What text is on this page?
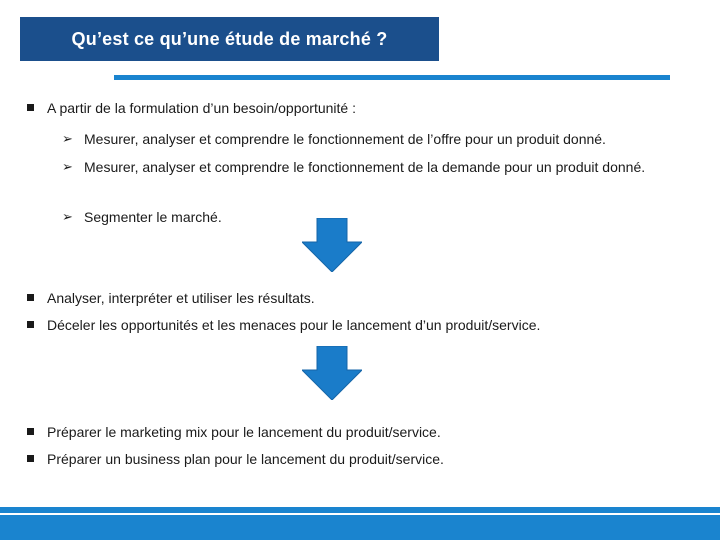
Qu’est ce qu’une étude de marché ?
A partir de la formulation d’un besoin/opportunité :
➢ Mesurer, analyser et comprendre le fonctionnement de l’offre pour un produit donné.
➢ Mesurer, analyser et comprendre le fonctionnement de la demande pour un produit donné.
➢ Segmenter le marché.
Analyser, interpréter et utiliser les résultats.
Déceler les opportunités et les menaces pour le lancement d’un produit/service.
Préparer le marketing mix pour le lancement du produit/service.
Préparer un business plan pour le lancement du produit/service.
